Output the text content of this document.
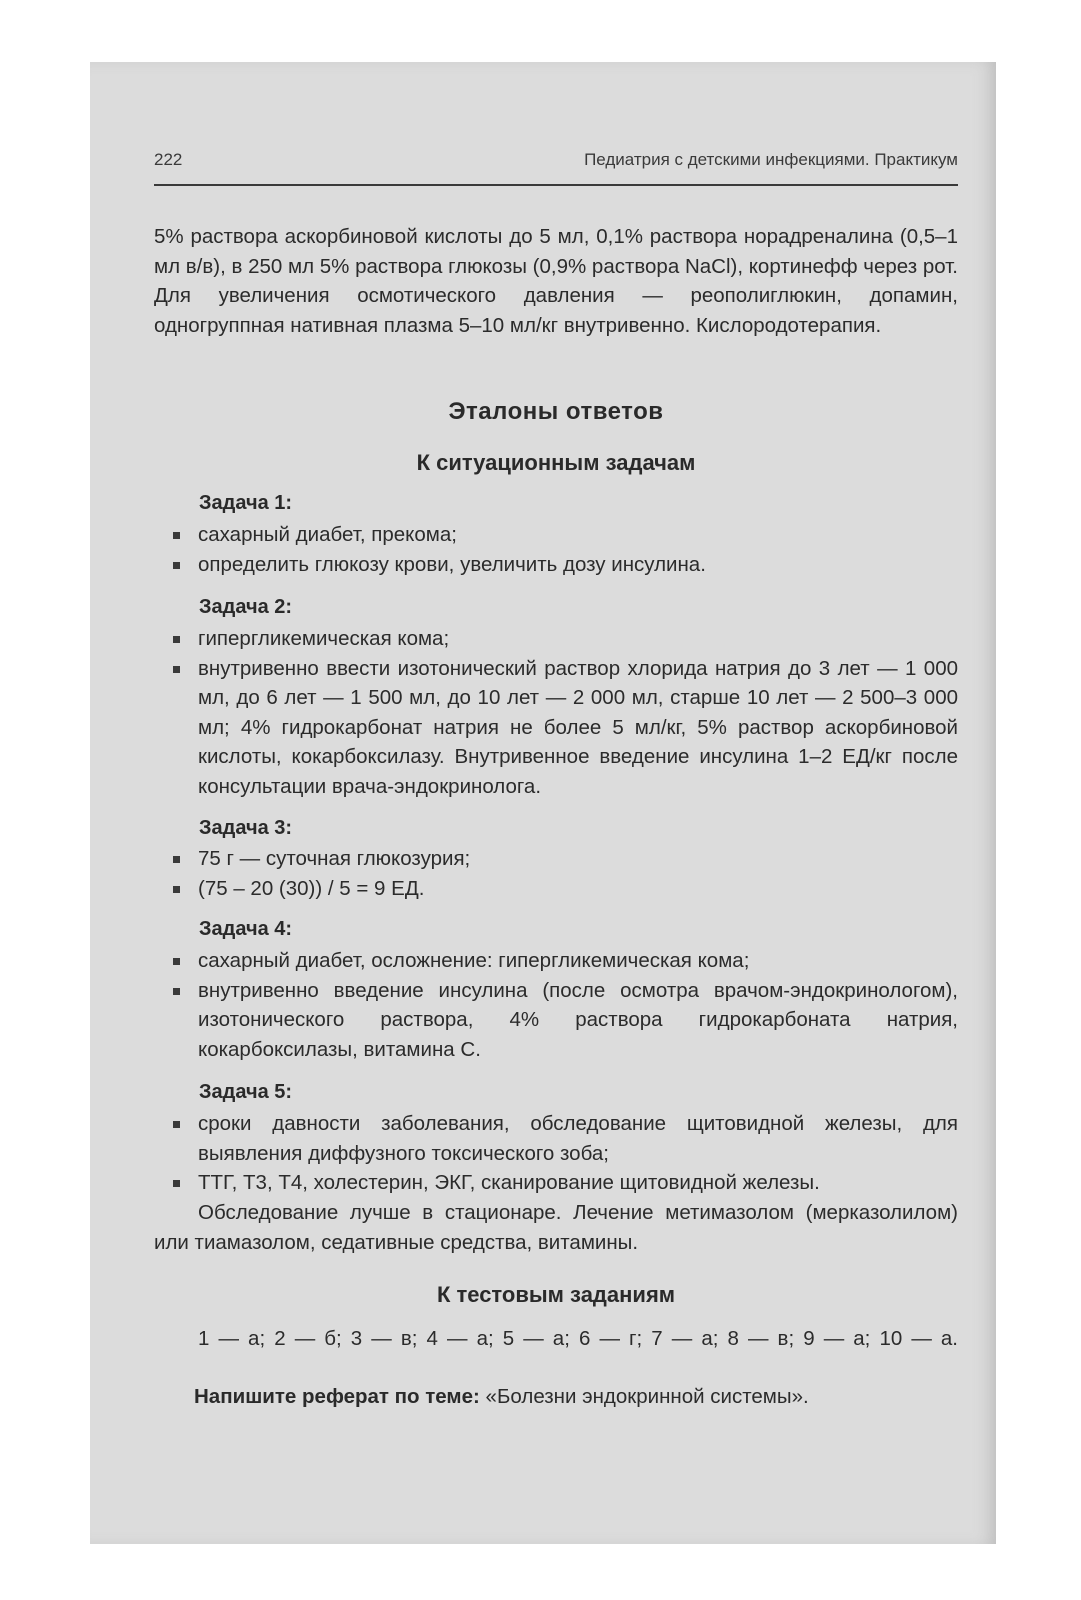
222	Педиатрия с детскими инфекциями. Практикум
5% раствора аскорбиновой кислоты до 5 мл, 0,1% раствора норадреналина (0,5–1 мл в/в), в 250 мл 5% раствора глюкозы (0,9% раствора NaCl), кортинефф через рот. Для увеличения осмотического давления — реополиглюкин, допамин, одногруппная нативная плазма 5–10 мл/кг внутривенно. Кислородотерапия.
Эталоны ответов
К ситуационным задачам
Задача 1:
сахарный диабет, прекома;
определить глюкозу крови, увеличить дозу инсулина.
Задача 2:
гипергликемическая кома;
внутривенно ввести изотонический раствор хлорида натрия до 3 лет — 1 000 мл, до 6 лет — 1 500 мл, до 10 лет — 2 000 мл, старше 10 лет — 2 500–3 000 мл; 4% гидрокарбонат натрия не более 5 мл/кг, 5% раствор аскорбиновой кислоты, кокарбоксилазу. Внутривенное введение инсулина 1–2 ЕД/кг после консультации врача-эндокринолога.
Задача 3:
75 г — суточная глюкозурия;
(75 – 20 (30)) / 5 = 9 ЕД.
Задача 4:
сахарный диабет, осложнение: гипергликемическая кома;
внутривенно введение инсулина (после осмотра врачом-эндокринологом), изотонического раствора, 4% раствора гидрокарбоната натрия, кокарбоксилазы, витамина С.
Задача 5:
сроки давности заболевания, обследование щитовидной железы, для выявления диффузного токсического зоба;
ТТГ, Т3, Т4, холестерин, ЭКГ, сканирование щитовидной железы.
Обследование лучше в стационаре. Лечение метимазолом (мерказолилом) или тиамазолом, седативные средства, витамины.
К тестовым заданиям
1 — а; 2 — б; 3 — в; 4 — а; 5 — а; 6 — г; 7 — а; 8 — в; 9 — а; 10 — а.
Напишите реферат по теме: «Болезни эндокринной системы».
